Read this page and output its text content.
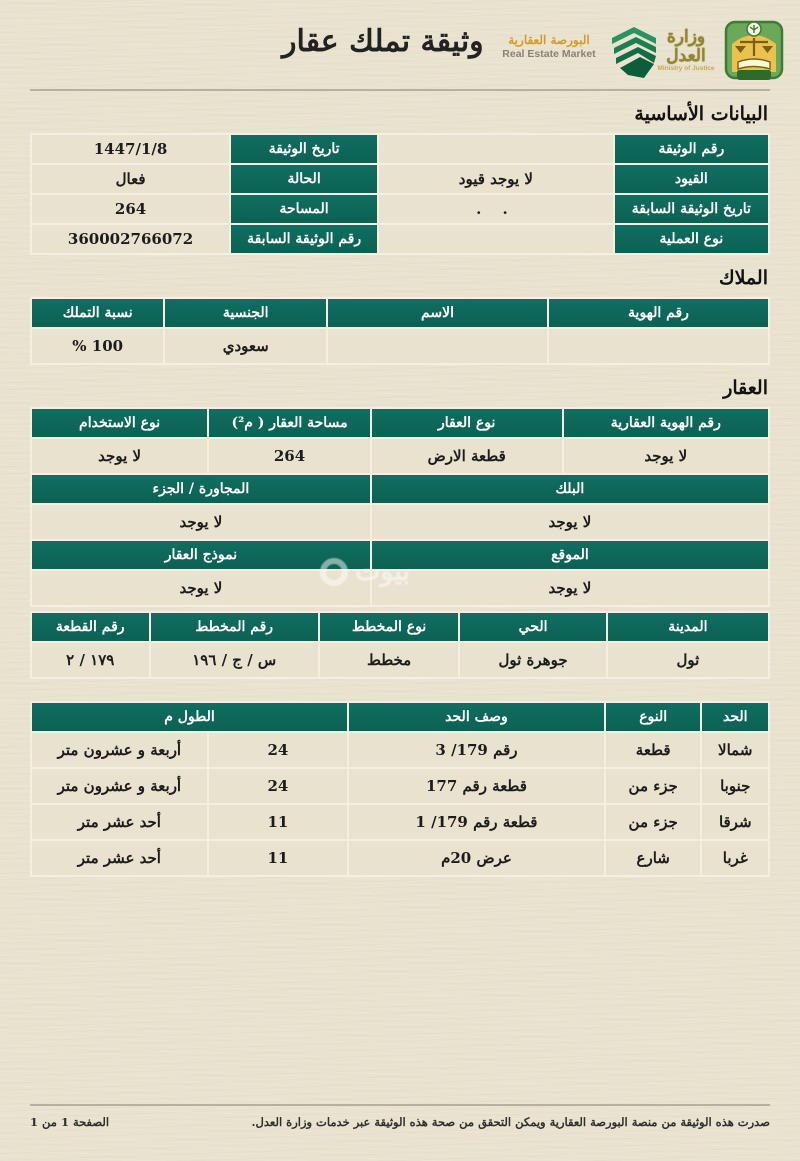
وثيقة تملك عقار	البورصة العقارية
Real Estate Market
وزارة العدل
Ministry of Justice
البيانات الأساسية
رقم الوثيقة		تاريخ الوثيقة	1447/1/8
القيود	لا يوجد قيود	الحالة	فعال
تاريخ الوثيقة السابقة	. .	المساحة	264
نوع العملية		رقم الوثيقة السابقة	360002766072
الملاك
رقم الهوية	الاسم	الجنسية	نسبة التملك
		سعودي	100 %
العقار
رقم الهوية العقارية	نوع العقار	مساحة العقار ( م²)	نوع الاستخدام
لا يوجد	قطعة الارض	264	لا يوجد
البلك		المجاورة / الجزء	
لا يوجد		لا يوجد	
الموقع		نموذج العقار	
لا يوجد		لا يوجد	
المدينة	الحي	نوع المخطط	رقم المخطط	رقم القطعة
ثول	جوهرة ثول	مخطط	س / ج / ١٩٦	١٧٩ / ٢
الحد	النوع	وصف الحد	الطول م	
شمالا	قطعة	رقم 179/ 3	24	أربعة و عشرون متر
جنوبا	جزء من	قطعة رقم 177	24	أربعة و عشرون متر
شرقا	جزء من	قطعة رقم 179/ 1	11	أحد عشر متر
غربا	شارع	عرض 20م	11	أحد عشر متر
صدرت هذه الوثيقة من منصة البورصة العقارية ويمكن التحقق من صحة هذه الوثيقة عبر خدمات وزارة العدل.
الصفحة 1 من 1
بيوت
